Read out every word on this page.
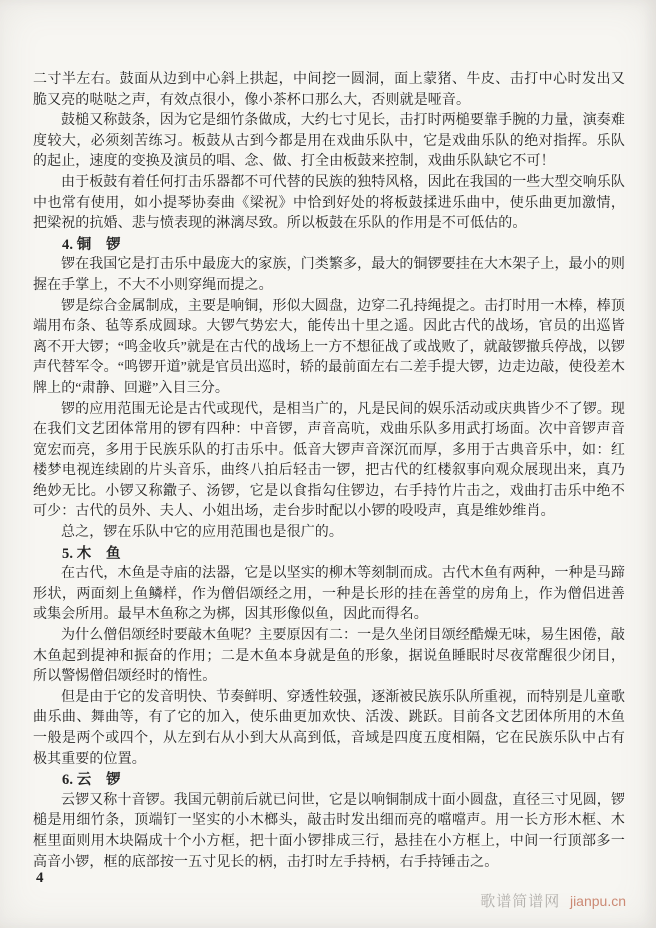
二寸半左右。鼓面从边到中心斜上拱起，中间挖一圆洞，面上蒙猪、牛皮、击打中心时发出又脆又亮的哒哒之声，有效点很小，像小茶杯口那么大，否则就是哑音。

鼓槌又称鼓条，因为它是细竹条做成，大约七寸见长，击打时两槌要靠手腕的力量，演奏难度较大，必须刻苦练习。板鼓从古到今都是用在戏曲乐队中，它是戏曲乐队的绝对指挥。乐队的起止，速度的变换及演员的唱、念、做、打全由板鼓来控制，戏曲乐队缺它不可！

由于板鼓有着任何打击乐器都不可代替的民族的独特风格，因此在我国的一些大型交响乐队中也常有使用，如小提琴协奏曲《梁祝》中恰到好处的将板鼓揉进乐曲中，使乐曲更加激情，把梁祝的抗婚、悲与愤表现的淋漓尽致。所以板鼓在乐队的作用是不可低估的。

4. 铜　锣

锣在我国它是打击乐中最庞大的家族，门类繁多，最大的铜锣要挂在大木架子上，最小的则握在手掌上，不大不小则穿绳而提之。

锣是综合金属制成，主要是响铜，形似大圆盘，边穿二孔持绳提之。击打时用一木棒，棒顶端用布条、毡等系成圆球。大锣气势宏大，能传出十里之遥。因此古代的战场，官员的出巡皆离不开大锣；“鸣金收兵”就是在古代的战场上一方不想征战了或战败了，就敲锣撤兵停战，以锣声代替军令。“鸣锣开道”就是官员出巡时，轿的最前面左右二差手提大锣，边走边敲，使役差木牌上的“肃静、回避”入目三分。

锣的应用范围无论是古代或现代，是相当广的，凡是民间的娱乐活动或庆典皆少不了锣。现在我们文艺团体常用的锣有四种：中音锣，声音高吭，戏曲乐队多用武打场面。次中音锣声音宽宏而亮，多用于民族乐队的打击乐中。低音大锣声音深沉而厚，多用于古典音乐中，如：红楼梦电视连续剧的片头音乐，曲终八拍后轻击一锣，把古代的红楼叙事向观众展现出来，真乃绝妙无比。小锣又称鏾子、汤锣，它是以食指勾住锣边，右手持竹片击之，戏曲打击乐中绝不可少：古代的员外、夫人、小姐出场，走台步时配以小锣的吺吺声，真是维妙维肖。

总之，锣在乐队中它的应用范围也是很广的。

5. 木　鱼

在古代，木鱼是寺庙的法器，它是以坚实的柳木等刻制而成。古代木鱼有两种，一种是马蹄形状，两面刻上鱼鳞样，作为僧侣颂经之用，一种是长形的挂在善堂的房角上，作为僧侣进善或集会所用。最早木鱼称之为梆，因其形像似鱼，因此而得名。

为什么僧侣颂经时要敲木鱼呢？主要原因有二：一是久坐闭目颂经酷燥无味，易生困倦，敲木鱼起到提神和振奋的作用；二是木鱼本身就是鱼的形象，据说鱼睡眠时尽夜常醒很少闭目，所以警惕僧侣颂经时的惰性。

但是由于它的发音明快、节奏鲜明、穿透性较强，逐渐被民族乐队所重视，而特别是儿童歌曲乐曲、舞曲等，有了它的加入，使乐曲更加欢快、活泼、跳跃。目前各文艺团体所用的木鱼一般是两个或四个，从左到右从小到大从高到低，音域是四度五度相隔，它在民族乐队中占有极其重要的位置。

6. 云　锣

云锣又称十音锣。我国元朝前后就已问世，它是以响铜制成十面小圆盘，直径三寸见圆，锣槌是用细竹条，顶端钉一坚实的小木榔头，敲击时发出细而亮的噹噹声。用一长方形木框、木框里面则用木块隔成十个小方框，把十面小锣排成三行，悬挂在小方框上，中间一行顶部多一高音小锣，框的底部按一五寸见长的柄，击打时左手持柄，右手持锤击之。

4
歌谱简谱网 jianpu.cn
